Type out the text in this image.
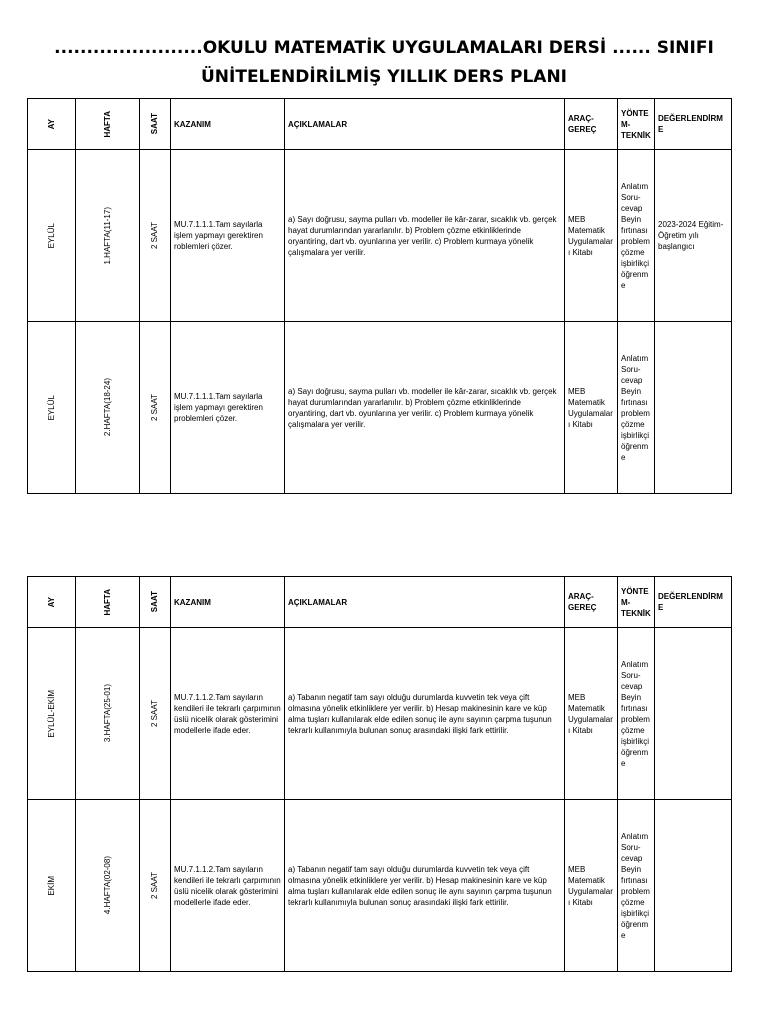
.......................OKULU MATEMATİK UYGULAMALARI DERSİ ...... SINIFI
ÜNİTELENDİRİLMİŞ YILLIK DERS PLANI
AY	HAFTA	SAAT	KAZANIM	AÇIKLAMALAR	ARAÇ-GEREÇ	YÖNTEM-TEKNİK	DEĞERLENDİRME

EYLÜL	1.HAFTA(11-17)	2 SAAT	MU.7.1.1.1.Tam sayılarla işlem yapmayı gerektiren roblemleri çözer.	a) Sayı doğrusu, sayma pulları vb. modeller ile kâr-zarar, sıcaklık vb. gerçek hayat durumlarından yararlanılır. b) Problem çözme etkinliklerinde oryantiring, dart vb. oyunlarına yer verilir. c) Problem kurmaya yönelik çalışmalara yer verilir.	MEB Matematik Uygulamaları Kitabı	Anlatım Soru-cevap Beyin fırtınası problem çözme işbirlikçi öğrenme	2023-2024 Eğitim-Öğretim yılı başlangıcı

EYLÜL	2.HAFTA(18-24)	2 SAAT	MU.7.1.1.1.Tam sayılarla işlem yapmayı gerektiren problemleri çözer.	a) Sayı doğrusu, sayma pulları vb. modeller ile kâr-zarar, sıcaklık vb. gerçek hayat durumlarından yararlanılır. b) Problem çözme etkinliklerinde oryantiring, dart vb. oyunlarına yer verilir. c) Problem kurmaya yönelik çalışmalara yer verilir.	MEB Matematik Uygulamaları Kitabı	Anlatım Soru-cevap Beyin fırtınası problem çözme işbirlikçi öğrenme	
AY	HAFTA	SAAT	KAZANIM	AÇIKLAMALAR	ARAÇ-GEREÇ	YÖNTEM-TEKNİK	DEĞERLENDİRME

EYLÜL-EKİM	3.HAFTA(25-01)	2 SAAT	MU.7.1.1.2.Tam sayıların kendileri ile tekrarlı çarpımının üslü nicelik olarak gösterimini modellerle ifade eder.	a) Tabanın negatif tam sayı olduğu durumlarda kuvvetin tek veya çift olmasına yönelik etkinliklere yer verilir. b) Hesap makinesinin kare ve küp alma tuşları kullanılarak elde edilen sonuç ile aynı sayının çarpma tuşunun tekrarlı kullanımıyla bulunan sonuç arasındaki ilişki fark ettirilir.	MEB Matematik Uygulamaları Kitabı	Anlatım Soru-cevap Beyin fırtınası problem çözme işbirlikçi öğrenme	

EKİM	4.HAFTA(02-08)	2 SAAT	MU.7.1.1.2.Tam sayıların kendileri ile tekrarlı çarpımının üslü nicelik olarak gösterimini modellerle ifade eder.	a) Tabanın negatif tam sayı olduğu durumlarda kuvvetin tek veya çift olmasına yönelik etkinliklere yer verilir. b) Hesap makinesinin kare ve küp alma tuşları kullanılarak elde edilen sonuç ile aynı sayının çarpma tuşunun tekrarlı kullanımıyla bulunan sonuç arasındaki ilişki fark ettirilir.	MEB Matematik Uygulamaları Kitabı	Anlatım Soru-cevap Beyin fırtınası problem çözme işbirlikçi öğrenme	
